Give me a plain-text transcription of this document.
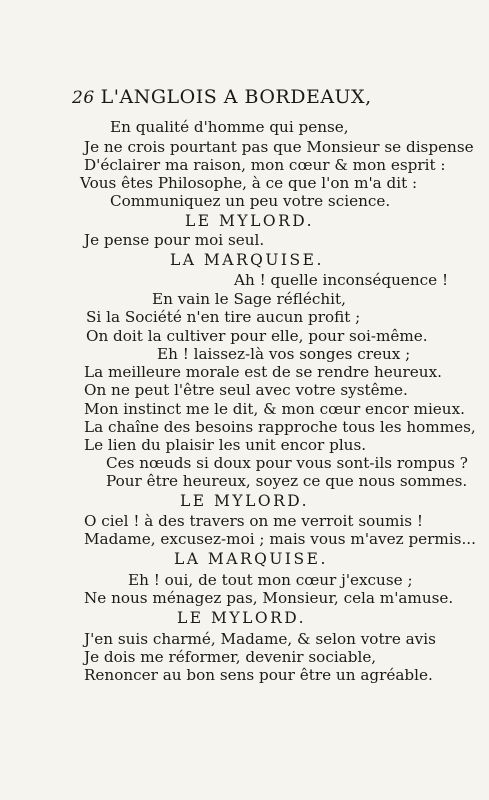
26 L'ANGLOIS A BORDEAUX,
En qualité d'homme qui pense,
Je ne crois pourtant pas que Monsieur se dispense
D'éclairer ma raison, mon cœur & mon esprit :
Vous êtes Philosophe, à ce que l'on m'a dit :
Communiquez un peu votre science.
LE MYLORD.
Je pense pour moi seul.
LA MARQUISE.
Ah ! quelle inconséquence !
En vain le Sage réfléchit,
Si la Société n'en tire aucun profit ;
On doit la cultiver pour elle, pour soi-même.
Eh ! laissez-là vos songes creux ;
La meilleure morale est de se rendre heureux.
On ne peut l'être seul avec votre systême.
Mon instinct me le dit, & mon cœur encor mieux.
La chaîne des besoins rapproche tous les hommes,
Le lien du plaisir les unit encor plus.
Ces nœuds si doux pour vous sont-ils rompus ?
Pour être heureux, soyez ce que nous sommes.
LE MYLORD.
O ciel ! à des travers on me verroit soumis !
Madame, excusez-moi ; mais vous m'avez permis...
LA MARQUISE.
Eh ! oui, de tout mon cœur j'excuse ;
Ne nous ménagez pas, Monsieur, cela m'amuse.
LE MYLORD.
J'en suis charmé, Madame, & selon votre avis
Je dois me réformer, devenir sociable,
Renoncer au bon sens pour être un agréable.
